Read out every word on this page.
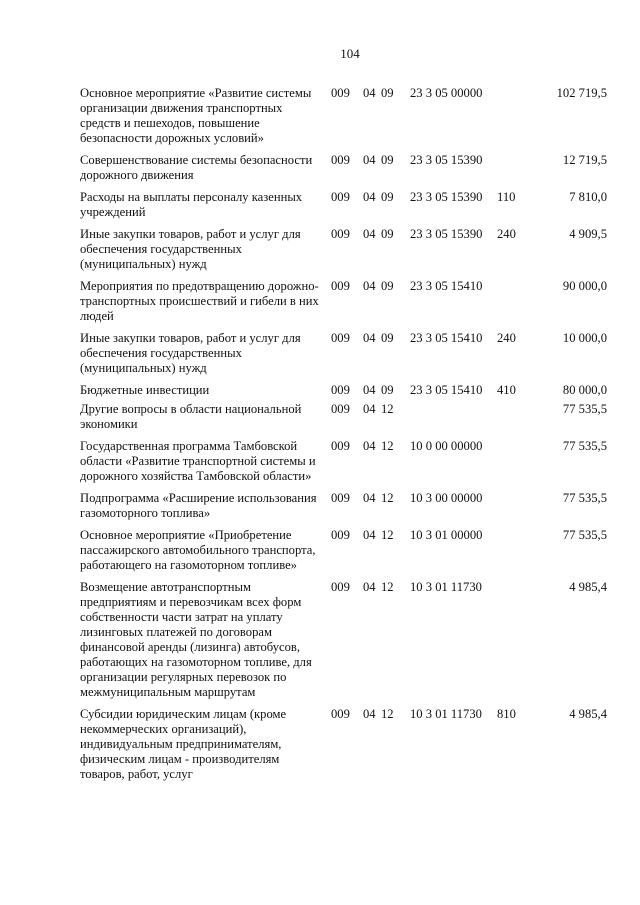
104
Основное мероприятие «Развитие системы организации движения транспортных средств и пешеходов, повышение безопасности дорожных условий»
009 04 09 23 3 05 00000	102 719,5
Совершенствование системы безопасности дорожного движения
009 04 09 23 3 05 15390	12 719,5
Расходы на выплаты персоналу казенных учреждений
009 04 09 23 3 05 15390 110	7 810,0
Иные закупки товаров, работ и услуг для обеспечения государственных (муниципальных) нужд
009 04 09 23 3 05 15390 240	4 909,5
Мероприятия по предотвращению дорожно-транспортных происшествий и гибели в них людей
009 04 09 23 3 05 15410	90 000,0
Иные закупки товаров, работ и услуг для обеспечения государственных (муниципальных) нужд
009 04 09 23 3 05 15410 240	10 000,0
Бюджетные инвестиции	009 04 09 23 3 05 15410 410	80 000,0
Другие вопросы в области национальной экономики
009 04 12	77 535,5
Государственная программа Тамбовской области «Развитие транспортной системы и дорожного хозяйства Тамбовской области»
009 04 12 10 0 00 00000	77 535,5
Подпрограмма «Расширение использования газомоторного топлива»
009 04 12 10 3 00 00000	77 535,5
Основное мероприятие «Приобретение пассажирского автомобильного транспорта, работающего на газомоторном топливе»
009 04 12 10 3 01 00000	77 535,5
Возмещение автотранспортным предприятиям и перевозчикам всех форм собственности части затрат на уплату лизинговых платежей по договорам финансовой аренды (лизинга) автобусов, работающих на газомоторном топливе, для организации регулярных перевозок по межмуниципальным маршрутам
009 04 12 10 3 01 11730	4 985,4
Субсидии юридическим лицам (кроме некоммерческих организаций), индивидуальным предпринимателям, физическим лицам - производителям товаров, работ, услуг
009 04 12 10 3 01 11730 810	4 985,4
